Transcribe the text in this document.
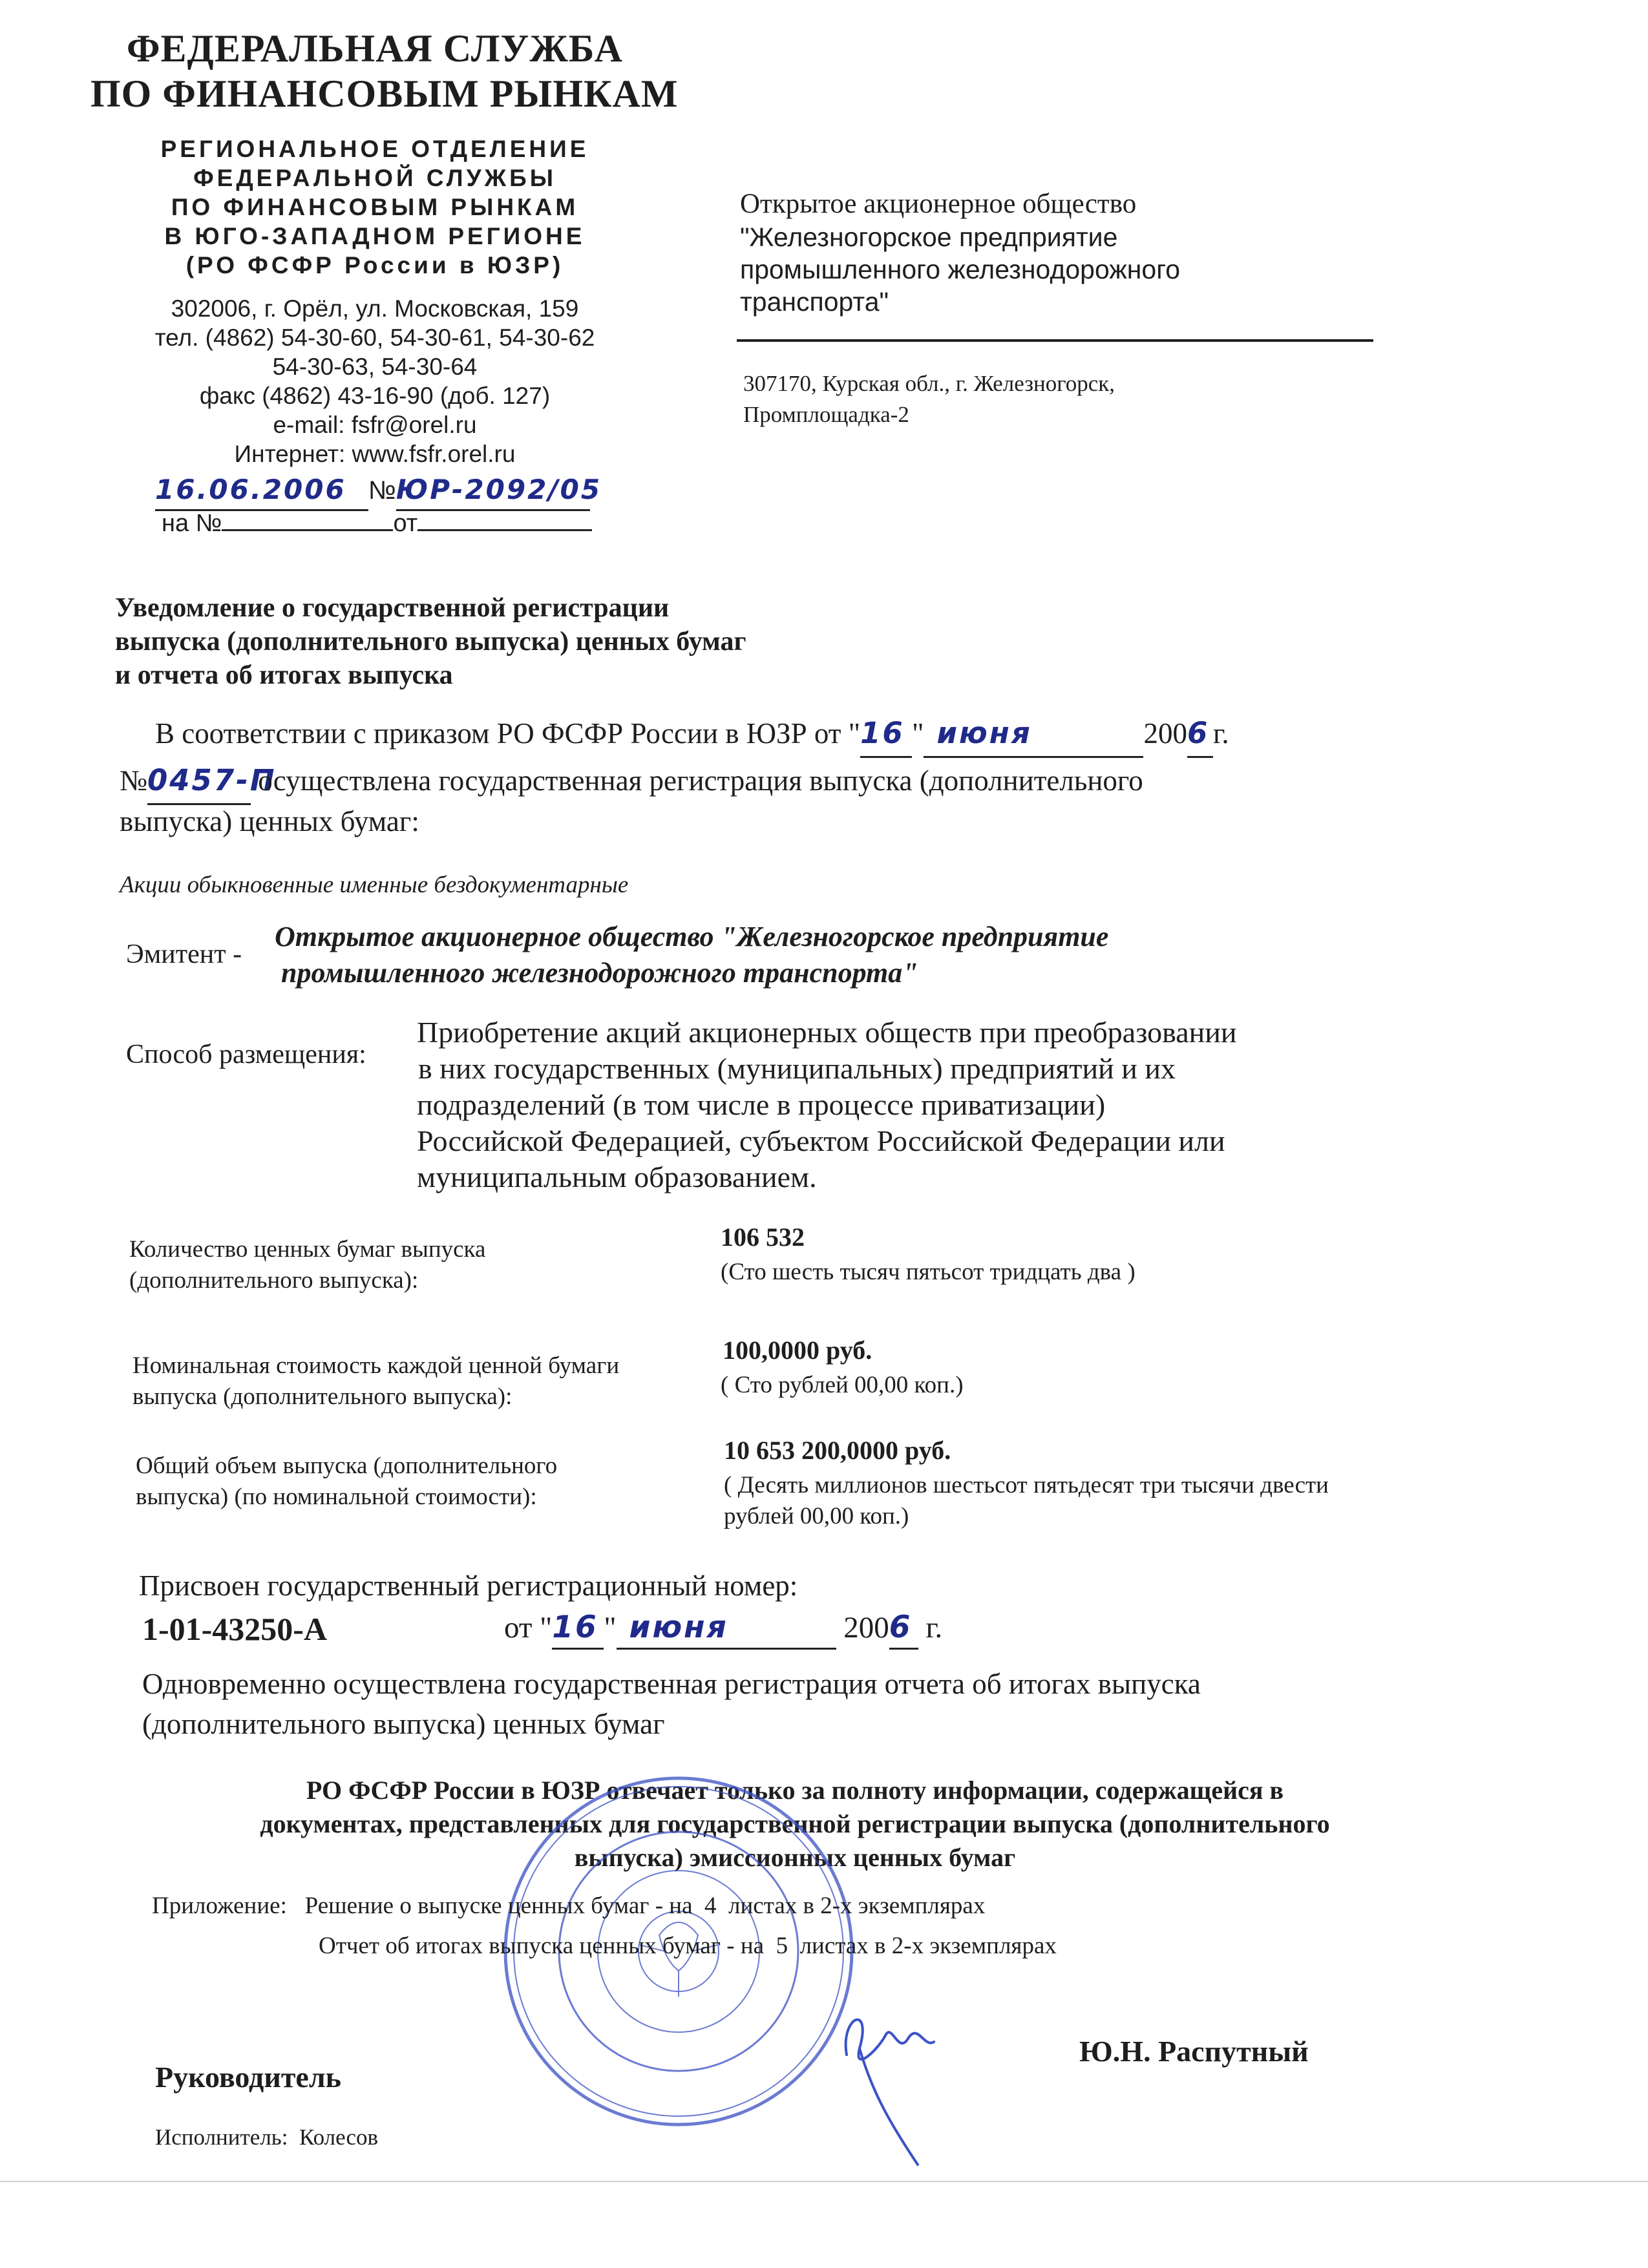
ФЕДЕРАЛЬНАЯ СЛУЖБА
ПО ФИНАНСОВЫМ РЫНКАМ
РЕГИОНАЛЬНОЕ ОТДЕЛЕНИЕ
ФЕДЕРАЛЬНОЙ СЛУЖБЫ
ПО ФИНАНСОВЫМ РЫНКАМ
В ЮГО-ЗАПАДНОМ РЕГИОНЕ
(РО ФСФР России в ЮЗР)
302006, г. Орёл, ул. Московская, 159
тел. (4862) 54-30-60, 54-30-61, 54-30-62
54-30-63, 54-30-64
факс (4862) 43-16-90 (доб. 127)
e-mail: fsfr@orel.ru
Интернет: www.fsfr.orel.ru
16.06.2006 №ЮР-2092/05
на №	от
Открытое акционерное общество
"Железногорское предприятие
промышленного железнодорожного
транспорта"
307170, Курская обл., г. Железногорск,
Промплощадка-2
Уведомление о государственной регистрации
выпуска (дополнительного выпуска) ценных бумаг
и отчета об итогах выпуска
В соответствии с приказом РО ФСФР России в ЮЗР от "16 " июня	2006 г.
№0457-П осуществлена государственная регистрация выпуска (дополнительного
выпуска) ценных бумаг:
Акции обыкновенные именные бездокументарные
Эмитент -
Открытое акционерное общество "Железногорское предприятие
промышленного железнодорожного транспорта"
Способ размещения:
Приобретение акций акционерных обществ при преобразовании
в них государственных (муниципальных) предприятий и их
подразделений (в том числе в процессе приватизации)
Российской Федерацией, субъектом Российской Федерации или
муниципальным образованием.
Количество ценных бумаг выпуска
(дополнительного выпуска):
106 532
(Сто шесть тысяч пятьсот тридцать два )
Номинальная стоимость каждой ценной бумаги
выпуска (дополнительного выпуска):
100,0000 руб.
( Сто рублей 00,00 коп.)
Общий объем выпуска (дополнительного
выпуска) (по номинальной стоимости):
10 653 200,0000 руб.
( Десять миллионов шестьсот пятьдесят три тысячи двести
рублей 00,00 коп.)
Присвоен государственный регистрационный номер:
1-01-43250-А	от "16 " июня	2006 г.
Одновременно осуществлена государственная регистрация отчета об итогах выпуска
(дополнительного выпуска) ценных бумаг
РО ФСФР России в ЮЗР отвечает только за полноту информации, содержащейся в
документах, представленных для государственной регистрации выпуска (дополнительного
выпуска) эмиссионных ценных бумаг
Приложение: Решение о выпуске ценных бумаг - на 4 листах в 2-х экземплярах
Отчет об итогах выпуска ценных бумаг - на 5 листах в 2-х экземплярах
Руководитель
Ю.Н. Распутный
Исполнитель: Колесов
